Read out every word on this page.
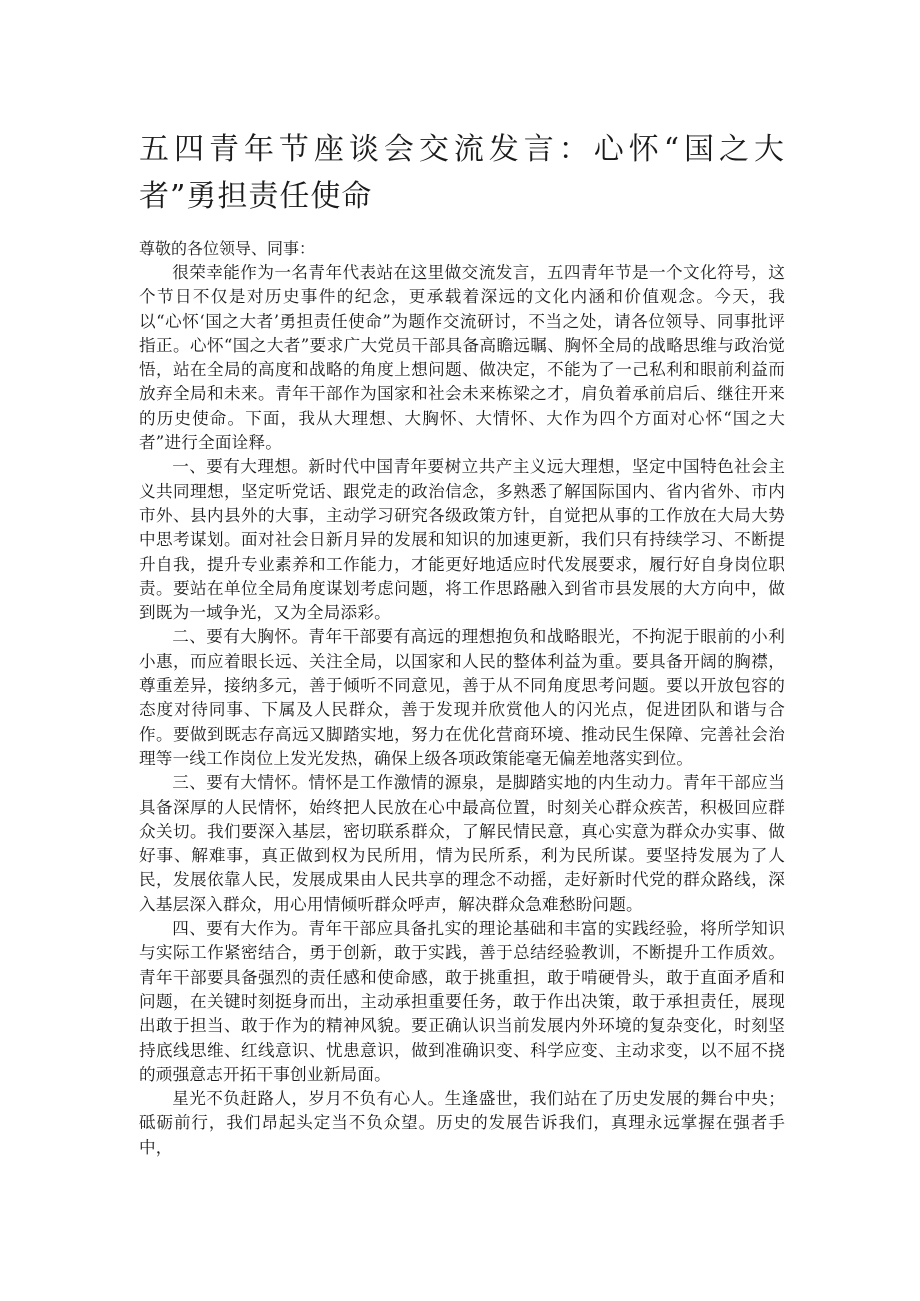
五四青年节座谈会交流发言：心怀“国之大者”勇担责任使命

尊敬的各位领导、同事：

很荣幸能作为一名青年代表站在这里做交流发言，五四青年节是一个文化符号，这个节日不仅是对历史事件的纪念，更承载着深远的文化内涵和价值观念。今天，我以“心怀‘国之大者’勇担责任使命”为题作交流研讨，不当之处，请各位领导、同事批评指正。心怀“国之大者”要求广大党员干部具备高瞻远瞩、胸怀全局的战略思维与政治觉悟，站在全局的高度和战略的角度上想问题、做决定，不能为了一己私利和眼前利益而放弃全局和未来。青年干部作为国家和社会未来栋梁之才，肩负着承前启后、继往开来的历史使命。下面，我从大理想、大胸怀、大情怀、大作为四个方面对心怀“国之大者”进行全面诠释。

一、要有大理想。新时代中国青年要树立共产主义远大理想，坚定中国特色社会主义共同理想，坚定听党话、跟党走的政治信念，多熟悉了解国际国内、省内省外、市内市外、县内县外的大事，主动学习研究各级政策方针，自觉把从事的工作放在大局大势中思考谋划。面对社会日新月异的发展和知识的加速更新，我们只有持续学习、不断提升自我，提升专业素养和工作能力，才能更好地适应时代发展要求，履行好自身岗位职责。要站在单位全局角度谋划考虑问题，将工作思路融入到省市县发展的大方向中，做到既为一域争光，又为全局添彩。

二、要有大胸怀。青年干部要有高远的理想抱负和战略眼光，不拘泥于眼前的小利小惠，而应着眼长远、关注全局，以国家和人民的整体利益为重。要具备开阔的胸襟，尊重差异，接纳多元，善于倾听不同意见，善于从不同角度思考问题。要以开放包容的态度对待同事、下属及人民群众，善于发现并欣赏他人的闪光点，促进团队和谐与合作。要做到既志存高远又脚踏实地，努力在优化营商环境、推动民生保障、完善社会治理等一线工作岗位上发光发热，确保上级各项政策能毫无偏差地落实到位。

三、要有大情怀。情怀是工作激情的源泉，是脚踏实地的内生动力。青年干部应当具备深厚的人民情怀，始终把人民放在心中最高位置，时刻关心群众疾苦，积极回应群众关切。我们要深入基层，密切联系群众，了解民情民意，真心实意为群众办实事、做好事、解难事，真正做到权为民所用，情为民所系，利为民所谋。要坚持发展为了人民，发展依靠人民，发展成果由人民共享的理念不动摇，走好新时代党的群众路线，深入基层深入群众，用心用情倾听群众呼声，解决群众急难愁盼问题。

四、要有大作为。青年干部应具备扎实的理论基础和丰富的实践经验，将所学知识与实际工作紧密结合，勇于创新，敢于实践，善于总结经验教训，不断提升工作质效。青年干部要具备强烈的责任感和使命感，敢于挑重担，敢于啃硬骨头，敢于直面矛盾和问题，在关键时刻挺身而出，主动承担重要任务，敢于作出决策，敢于承担责任，展现出敢于担当、敢于作为的精神风貌。要正确认识当前发展内外环境的复杂变化，时刻坚持底线思维、红线意识、忧患意识，做到准确识变、科学应变、主动求变，以不屈不挠的顽强意志开拓干事创业新局面。

星光不负赶路人，岁月不负有心人。生逢盛世，我们站在了历史发展的舞台中央；砥砺前行，我们昂起头定当不负众望。历史的发展告诉我们，真理永远掌握在强者手中，
